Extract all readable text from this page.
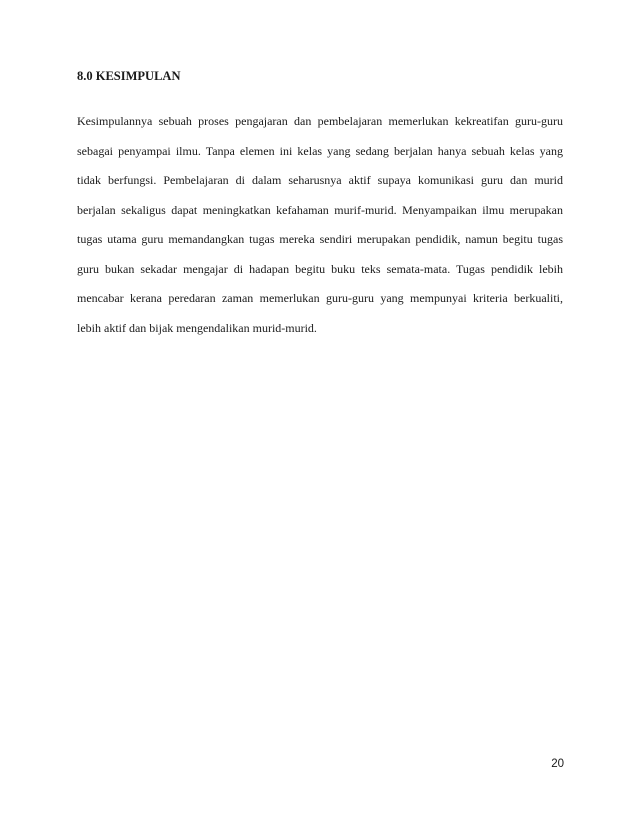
8.0 KESIMPULAN
Kesimpulannya sebuah proses pengajaran dan pembelajaran memerlukan kekreatifan guru-guru
sebagai penyampai ilmu. Tanpa elemen ini kelas yang sedang berjalan hanya sebuah kelas yang
tidak berfungsi. Pembelajaran di dalam seharusnya aktif supaya komunikasi guru dan murid
berjalan sekaligus dapat meningkatkan kefahaman murif-murid. Menyampaikan ilmu merupakan
tugas utama guru memandangkan tugas mereka sendiri merupakan pendidik, namun begitu tugas
guru bukan sekadar mengajar di hadapan begitu buku teks semata-mata. Tugas pendidik lebih
mencabar kerana peredaran zaman memerlukan guru-guru yang mempunyai kriteria berkualiti,
lebih aktif dan bijak mengendalikan murid-murid.
20
